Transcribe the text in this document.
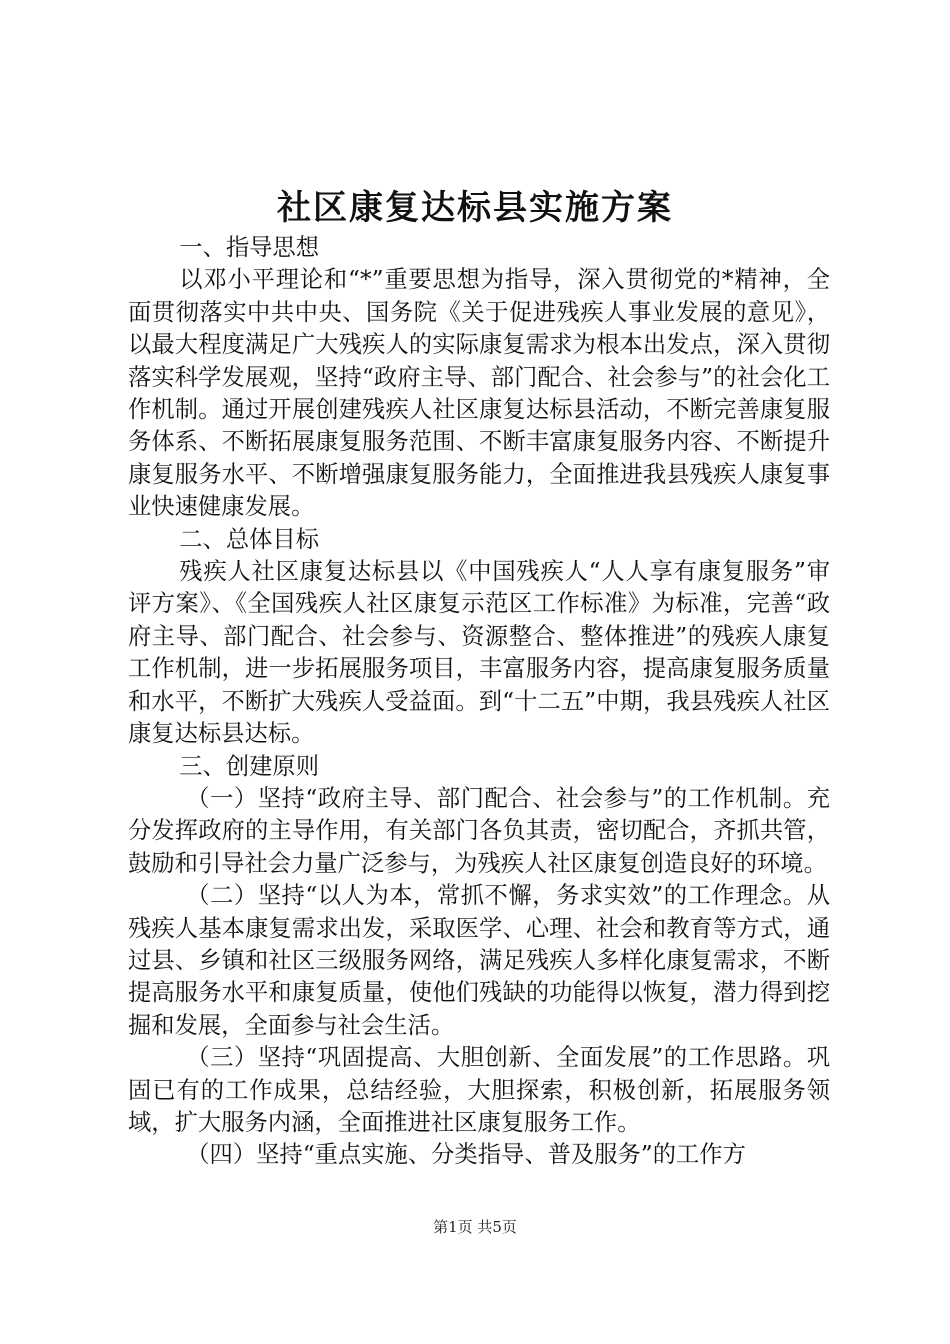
社区康复达标县实施方案

一、指导思想

以邓小平理论和“*”重要思想为指导，深入贯彻党的*精神，全面贯彻落实中共中央、国务院《关于促进残疾人事业发展的意见》，以最大程度满足广大残疾人的实际康复需求为根本出发点，深入贯彻落实科学发展观，坚持“政府主导、部门配合、社会参与”的社会化工作机制。通过开展创建残疾人社区康复达标县活动，不断完善康复服务体系、不断拓展康复服务范围、不断丰富康复服务内容、不断提升康复服务水平、不断增强康复服务能力，全面推进我县残疾人康复事业快速健康发展。

二、总体目标

残疾人社区康复达标县以《中国残疾人“人人享有康复服务”审评方案》、《全国残疾人社区康复示范区工作标准》为标准，完善“政府主导、部门配合、社会参与、资源整合、整体推进”的残疾人康复工作机制，进一步拓展服务项目，丰富服务内容，提高康复服务质量和水平，不断扩大残疾人受益面。到“十二五”中期，我县残疾人社区康复达标县达标。

三、创建原则

（一）坚持“政府主导、部门配合、社会参与”的工作机制。充分发挥政府的主导作用，有关部门各负其责，密切配合，齐抓共管，鼓励和引导社会力量广泛参与，为残疾人社区康复创造良好的环境。

（二）坚持“以人为本，常抓不懈，务求实效”的工作理念。从残疾人基本康复需求出发，采取医学、心理、社会和教育等方式，通过县、乡镇和社区三级服务网络，满足残疾人多样化康复需求，不断提高服务水平和康复质量，使他们残缺的功能得以恢复，潜力得到挖掘和发展，全面参与社会生活。

（三）坚持“巩固提高、大胆创新、全面发展”的工作思路。巩固已有的工作成果，总结经验，大胆探索，积极创新，拓展服务领域，扩大服务内涵，全面推进社区康复服务工作。

（四）坚持“重点实施、分类指导、普及服务”的工作方

第1页 共5页
